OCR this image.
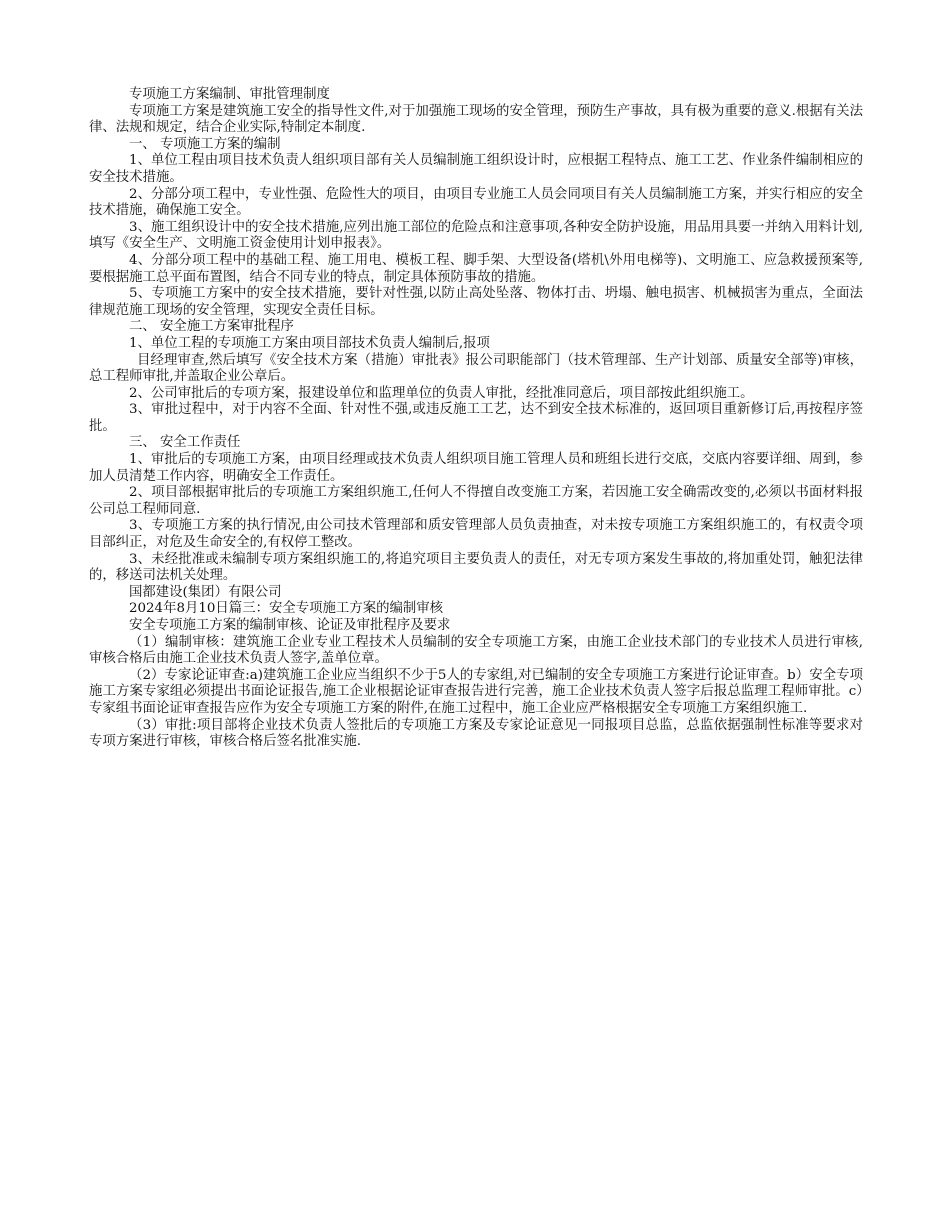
专项施工方案编制、审批管理制度

专项施工方案是建筑施工安全的指导性文件,对于加强施工现场的安全管理，预防生产事故，具有极为重要的意义.根据有关法律、法规和规定，结合企业实际,特制定本制度.

一、 专项施工方案的编制

1、单位工程由项目技术负责人组织项目部有关人员编制施工组织设计时，应根据工程特点、施工工艺、作业条件编制相应的安全技术措施。

2、分部分项工程中，专业性强、危险性大的项目，由项目专业施工人员会同项目有关人员编制施工方案，并实行相应的安全技术措施，确保施工安全。

3、施工组织设计中的安全技术措施,应列出施工部位的危险点和注意事项,各种安全防护设施，用品用具要一并纳入用料计划,填写《安全生产、文明施工资金使用计划申报表》。

4、分部分项工程中的基础工程、施工用电、模板工程、脚手架、大型设备(塔机\外用电梯等)、文明施工、应急救援预案等,要根据施工总平面布置图，结合不同专业的特点，制定具体预防事故的措施。

5、专项施工方案中的安全技术措施，要针对性强,以防止高处坠落、物体打击、坍塌、触电损害、机械损害为重点，全面法律规范施工现场的安全管理，实现安全责任目标。

二、 安全施工方案审批程序

1、单位工程的专项施工方案由项目部技术负责人编制后,报项

目经理审查,然后填写《安全技术方案（措施）审批表》报公司职能部门（技术管理部、生产计划部、质量安全部等)审核，总工程师审批,并盖取企业公章后。

2、公司审批后的专项方案，报建设单位和监理单位的负责人审批，经批准同意后，项目部按此组织施工。

3、审批过程中，对于内容不全面、针对性不强,或违反施工工艺，达不到安全技术标准的，返回项目重新修订后,再按程序签批。

三、 安全工作责任

1、审批后的专项施工方案，由项目经理或技术负责人组织项目施工管理人员和班组长进行交底，交底内容要详细、周到，参加人员清楚工作内容，明确安全工作责任。

2、项目部根据审批后的专项施工方案组织施工,任何人不得擅自改变施工方案，若因施工安全确需改变的,必须以书面材料报公司总工程师同意.

3、专项施工方案的执行情况,由公司技术管理部和质安管理部人员负责抽查，对未按专项施工方案组织施工的，有权责令项目部纠正，对危及生命安全的,有权停工整改。

3、未经批准或未编制专项方案组织施工的,将追究项目主要负责人的责任，对无专项方案发生事故的,将加重处罚，触犯法律的，移送司法机关处理。

国都建设(集团）有限公司

2024年8月10日篇三：安全专项施工方案的编制审核

安全专项施工方案的编制审核、论证及审批程序及要求

（1）编制审核：建筑施工企业专业工程技术人员编制的安全专项施工方案，由施工企业技术部门的专业技术人员进行审核,审核合格后由施工企业技术负责人签字,盖单位章。

（2）专家论证审查:a)建筑施工企业应当组织不少于5人的专家组,对已编制的安全专项施工方案进行论证审查。b）安全专项施工方案专家组必须提出书面论证报告,施工企业根据论证审查报告进行完善，施工企业技术负责人签字后报总监理工程师审批。c）专家组书面论证审查报告应作为安全专项施工方案的附件,在施工过程中，施工企业应严格根据安全专项施工方案组织施工.

（3）审批:项目部将企业技术负责人签批后的专项施工方案及专家论证意见一同报项目总监，总监依据强制性标准等要求对专项方案进行审核，审核合格后签名批准实施.
